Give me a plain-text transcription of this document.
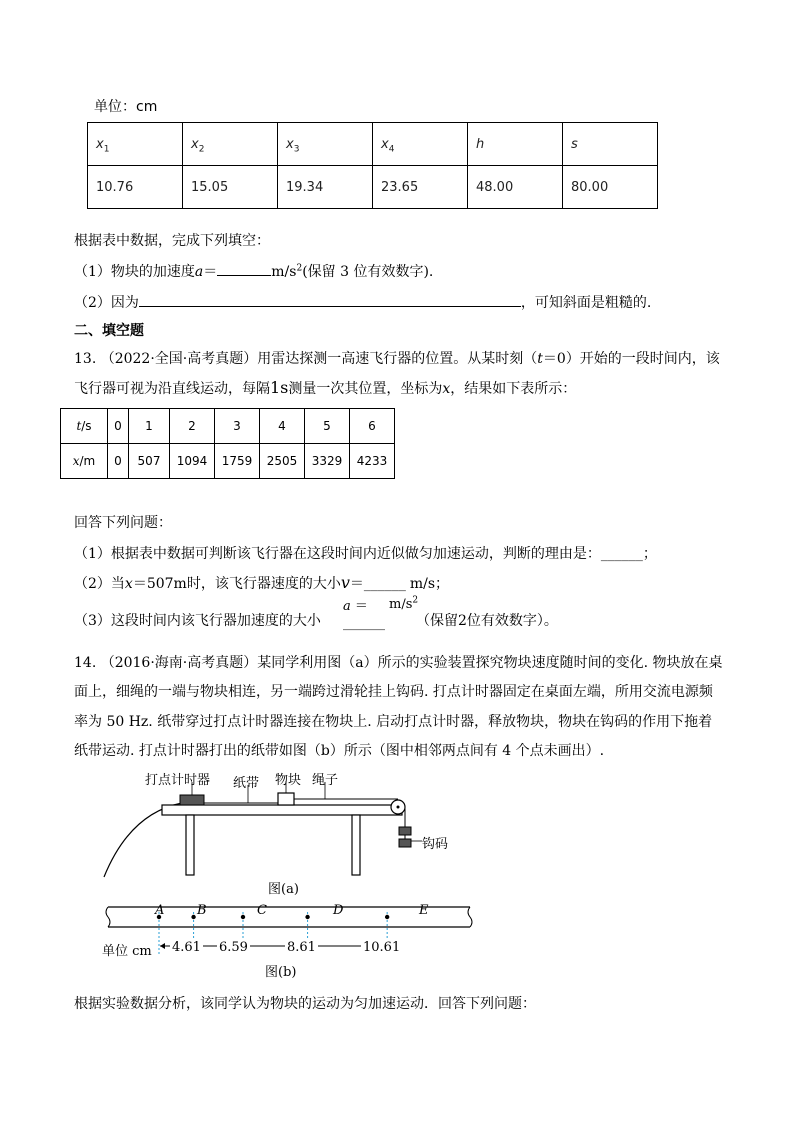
单位：cm
$x_1$	$x_2$	$x_3$	$x_4$	h	s
10.76	15.05	19.34	23.65	48.00	80.00
根据表中数据，完成下列填空：
（1）物块的加速度a＝	$m/s^2$(保留 3 位有效数字).
（2）因为	，可知斜面是粗糙的.
二、填空题
13. （2022·全国·高考真题）用雷达探测一高速飞行器的位置。从某时刻（t＝0）开始的一段时间内，该
飞行器可视为沿直线运动，每隔1s测量一次其位置，坐标为x，结果如下表所示：
t/s	0	1	2	3	4	5	6
x/m	0	507	1094	1759	2505	3329	4233
回答下列问题：
（1）根据表中数据可判断该飞行器在这段时间内近似做匀加速运动，判断的理由是：______；
（2）当x＝507m时，该飞行器速度的大小v＝______ m/s；
（3）这段时间内该飞行器加速度的大小
a ＝
______
$m/s^2$
（保留2位有效数字）。
14. （2016·海南·高考真题）某同学利用图（a）所示的实验装置探究物块速度随时间的变化. 物块放在桌
面上，细绳的一端与物块相连，另一端跨过滑轮挂上钩码. 打点计时器固定在桌面左端，所用交流电源频
率为 50 Hz. 纸带穿过打点计时器连接在物块上. 启动打点计时器，释放物块，物块在钩码的作用下拖着
纸带运动. 打点计时器打出的纸带如图（b）所示（图中相邻两点间有 4 个点未画出）.
打点计时器 纸带 物块 绳子
钩码
图(a)
单位 cm 4.61 6.59	8.61	10.61
A	B	C	D	E
图(b)
根据实验数据分析，该同学认为物块的运动为匀加速运动．回答下列问题：
